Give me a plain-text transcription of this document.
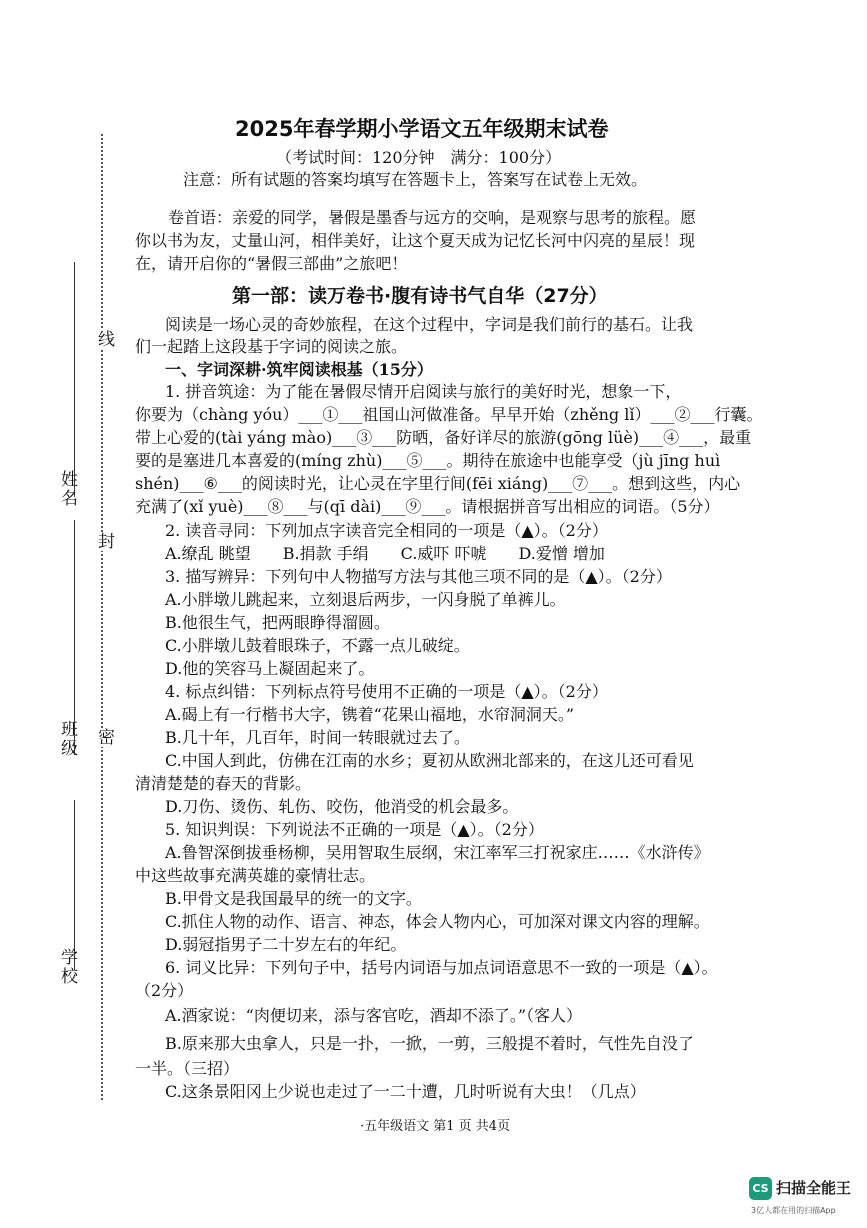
学校
班级
姓名
线
封
密
2025年春学期小学语文五年级期末试卷
（考试时间：120分钟　满分：100分）
注意：所有试题的答案均填写在答题卡上，答案写在试卷上无效。
卷首语：亲爱的同学，暑假是墨香与远方的交响，是观察与思考的旅程。愿
你以书为友，丈量山河，相伴美好，让这个夏天成为记忆长河中闪亮的星辰！现
在，请开启你的“暑假三部曲”之旅吧！
第一部：读万卷书·腹有诗书气自华（27分）
阅读是一场心灵的奇妙旅程，在这个过程中，字词是我们前行的基石。让我
们一起踏上这段基于字词的阅读之旅。
一、字词深耕·筑牢阅读根基（15分）
1. 拼音筑途：为了能在暑假尽情开启阅读与旅行的美好时光，想象一下，
你要为（chàng yóu）___①___祖国山河做准备。早早开始（zhěng lǐ）___②___行囊。
带上心爱的(tài yáng mào)___③___防晒，备好详尽的旅游(gōng lüè)___④___，最重
要的是塞进几本喜爱的(míng zhù)___⑤___。期待在旅途中也能享受（jù jīng huì
shén)___⑥___的阅读时光，让心灵在字里行间(fēi xiáng)___⑦___。想到这些，内心
充满了(xǐ yuè)___⑧___与(qī dài)___⑨___。请根据拼音写出相应的词语。（5分）
2. 读音寻同：下列加点字读音完全相同的一项是（▲）。（2分）
A.缭乱 眺望　　B.捐款 手绢　　C.威吓 吓唬　　D.爱憎 增加
3. 描写辨异：下列句中人物描写方法与其他三项不同的是（▲）。（2分）
A.小胖墩儿跳起来，立刻退后两步，一闪身脱了单裤儿。
B.他很生气，把两眼睁得溜圆。
C.小胖墩儿鼓着眼珠子，不露一点儿破绽。
D.他的笑容马上凝固起来了。
4. 标点纠错：下列标点符号使用不正确的一项是（▲）。（2分）
A.碣上有一行楷书大字，镌着“花果山福地，水帘洞洞天。”
B.几十年，几百年，时间一转眼就过去了。
C.中国人到此，仿佛在江南的水乡；夏初从欧洲北部来的，在这儿还可看见
清清楚楚的春天的背影。
D.刀伤、烫伤、轧伤、咬伤，他消受的机会最多。
5. 知识判误：下列说法不正确的一项是（▲）。（2分）
A.鲁智深倒拔垂杨柳，吴用智取生辰纲，宋江率军三打祝家庄……《水浒传》
中这些故事充满英雄的豪情壮志。
B.甲骨文是我国最早的统一的文字。
C.抓住人物的动作、语言、神态，体会人物内心，可加深对课文内容的理解。
D.弱冠指男子二十岁左右的年纪。
6. 词义比异：下列句子中，括号内词语与加点词语意思不一致的一项是（▲）。
（2分）
A.酒家说：“肉便切来，添与客官吃，酒却不添了。”（客人）
B.原来那大虫拿人，只是一扑，一掀，一剪，三般提不着时，气性先自没了
一半。（三招）
C.这条景阳冈上少说也走过了一二十遭，几时听说有大虫！（几点）
·五年级语文 第1 页 共4页
CS 扫描全能王
3亿人都在用的扫描App
